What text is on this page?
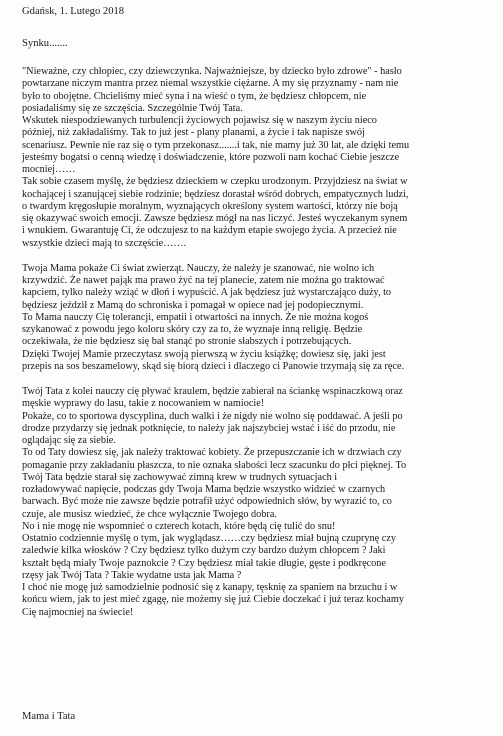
Gdańsk, 1. Lutego 2018
Synku.......
"Nieważne, czy chłopiec, czy dziewczynka. Najważniejsze, by dziecko było zdrowe" - hasło
powtarzane niczym mantra przez niemal wszystkie ciężarne. A my się przyznamy - nam nie
było to obojętne. Chcieliśmy mieć syna i na wieść o tym, że będziesz chłopcem, nie
posiadaliśmy się ze szczęścia. Szczególnie Twój Tata.
Wskutek niespodziewanych turbulencji życiowych pojawisz się w naszym życiu nieco
później, niż zakładaliśmy. Tak to już jest - plany planami, a życie i tak napisze swój
scenariusz. Pewnie nie raz się o tym przekonasz.......i tak, nie mamy już 30 lat, ale dzięki temu
jesteśmy bogatsi o cenną wiedzę i doświadczenie, które pozwoli nam kochać Ciebie jeszcze
mocniej……
Tak sobie czasem myślę, że będziesz dzieckiem w czepku urodzonym. Przyjdziesz na świat w
kochającej i szanującej siebie rodzinie; będziesz dorastał wśród dobrych, empatycznych ludzi,
o twardym kręgosłupie moralnym, wyznających określony system wartości, którzy nie boją
się okazywać swoich emocji. Zawsze będziesz mógł na nas liczyć. Jesteś wyczekanym synem
i wnukiem. Gwarantuję Ci, że odczujesz to na każdym etapie swojego życia. A przecież nie
wszystkie dzieci mają to szczęście…….
Twoja Mama pokaże Ci świat zwierząt. Nauczy, że należy je szanować, nie wolno ich
krzywdzić. Że nawet pająk ma prawo żyć na tej planecie, zatem nie można go traktować
kapciem, tylko należy wziąć w dłoń i wypuścić. A jak będziesz już wystarczająco duży, to
będziesz jeździł z Mamą do schroniska i pomagał w opiece nad jej podopiecznymi.
To Mama nauczy Cię tolerancji, empatii i otwartości na innych. Że nie można kogoś
szykanować z powodu jego koloru skóry czy za to, że wyznaje inną religię. Będzie
oczekiwała, że nie będziesz się bał stanąć po stronie słabszych i potrzebujących.
Dzięki Twojej Mamie przeczytasz swoją pierwszą w życiu książkę; dowiesz się, jaki jest
przepis na sos beszamelowy, skąd się biorą dzieci i dlaczego ci Panowie trzymają się za ręce.
Twój Tata z kolei nauczy cię pływać kraulem, będzie zabierał na ściankę wspinaczkową oraz
męskie wyprawy do lasu, takie z nocowaniem w namiocie!
Pokaże, co to sportowa dyscyplina, duch walki i że nigdy nie wolno się poddawać. A jeśli po
drodze przydarzy się jednak potknięcie, to należy jak najszybciej wstać i iść do przodu, nie
oglądając się za siebie.
To od Taty dowiesz się, jak należy traktować kobiety. Że przepuszczanie ich w drzwiach czy
pomaganie przy zakładaniu płaszcza, to nie oznaka słabości lecz szacunku do płci pięknej. To
Twój Tata będzie starał się zachowywać zimną krew w trudnych sytuacjach i
rozładowywać napięcie, podczas gdy Twoja Mama będzie wszystko widzieć w czarnych
barwach. Być może nie zawsze będzie potrafił użyć odpowiednich słów, by wyrazić to, co
czuje, ale musisz wiedzieć, że chce wyłącznie Twojego dobra.
No i nie mogę nie wspomnieć o czterech kotach, które będą cię tulić do snu!
Ostatnio codziennie myślę o tym, jak wyglądasz……czy będziesz miał bujną czuprynę czy
zaledwie kilka włosków ? Czy będziesz tylko dużym czy bardzo dużym chłopcem ? Jaki
kształt będą miały Twoje paznokcie ? Czy będziesz miał takie długie, gęste i podkręcone
rzęsy jak Twój Tata ? Takie wydatne usta jak Mama ?
I choć nie mogę już samodzielnie podnosić się z kanapy, tęsknię za spaniem na brzuchu i w
końcu wiem, jak to jest mieć zgagę, nie możemy się już Ciebie doczekać i już teraz kochamy
Cię najmocniej na świecie!
Mama i Tata
